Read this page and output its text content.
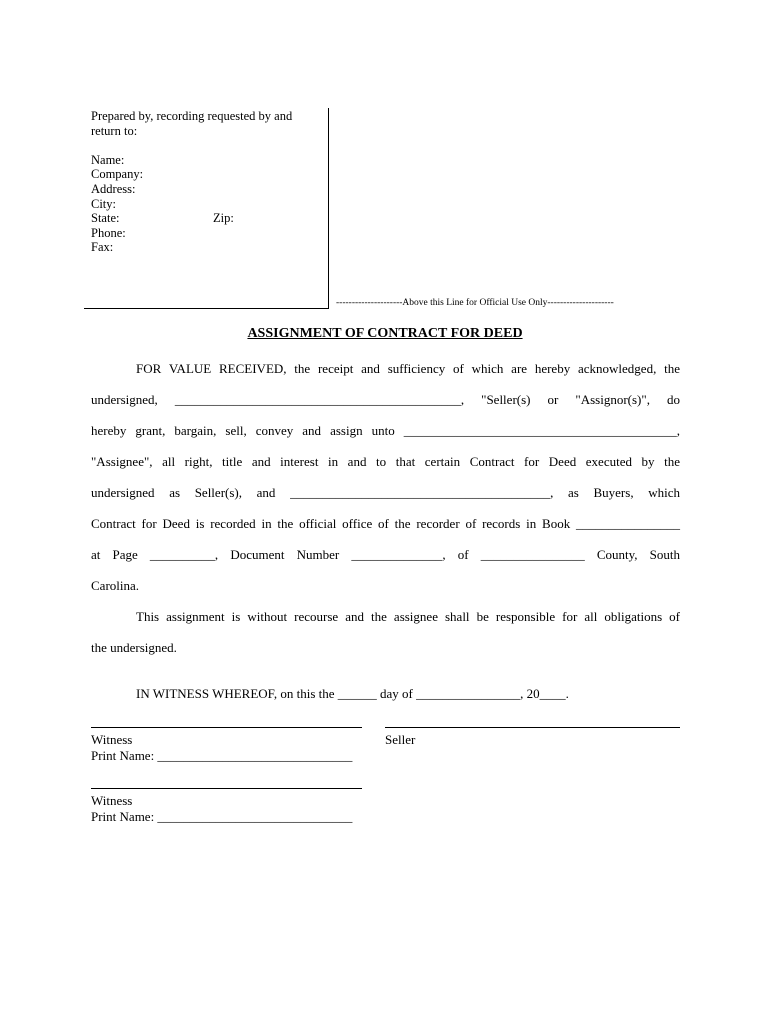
Prepared by, recording requested by and
return to:
Name:
Company:
Address:
City:
State:	Zip:
Phone:
Fax:
---------------------Above this Line for Official Use Only---------------------
ASSIGNMENT OF CONTRACT FOR DEED
FOR VALUE RECEIVED, the receipt and sufficiency of which are hereby acknowledged, the
undersigned, ____________________________________________, "Seller(s) or "Assignor(s)", do
hereby grant, bargain, sell, convey and assign unto __________________________________________,
"Assignee", all right, title and interest in and to that certain Contract for Deed executed by the
undersigned as Seller(s), and ________________________________________, as Buyers, which
Contract for Deed is recorded in the official office of the recorder of records in Book ________________
at Page __________, Document Number ______________, of ________________ County, South
Carolina.
This assignment is without recourse and the assignee shall be responsible for all obligations of
the undersigned.
IN WITNESS WHEREOF, on this the ______ day of ________________, 20____.
Witness	Seller
Print Name: ______________________________
Witness
Print Name: ______________________________
